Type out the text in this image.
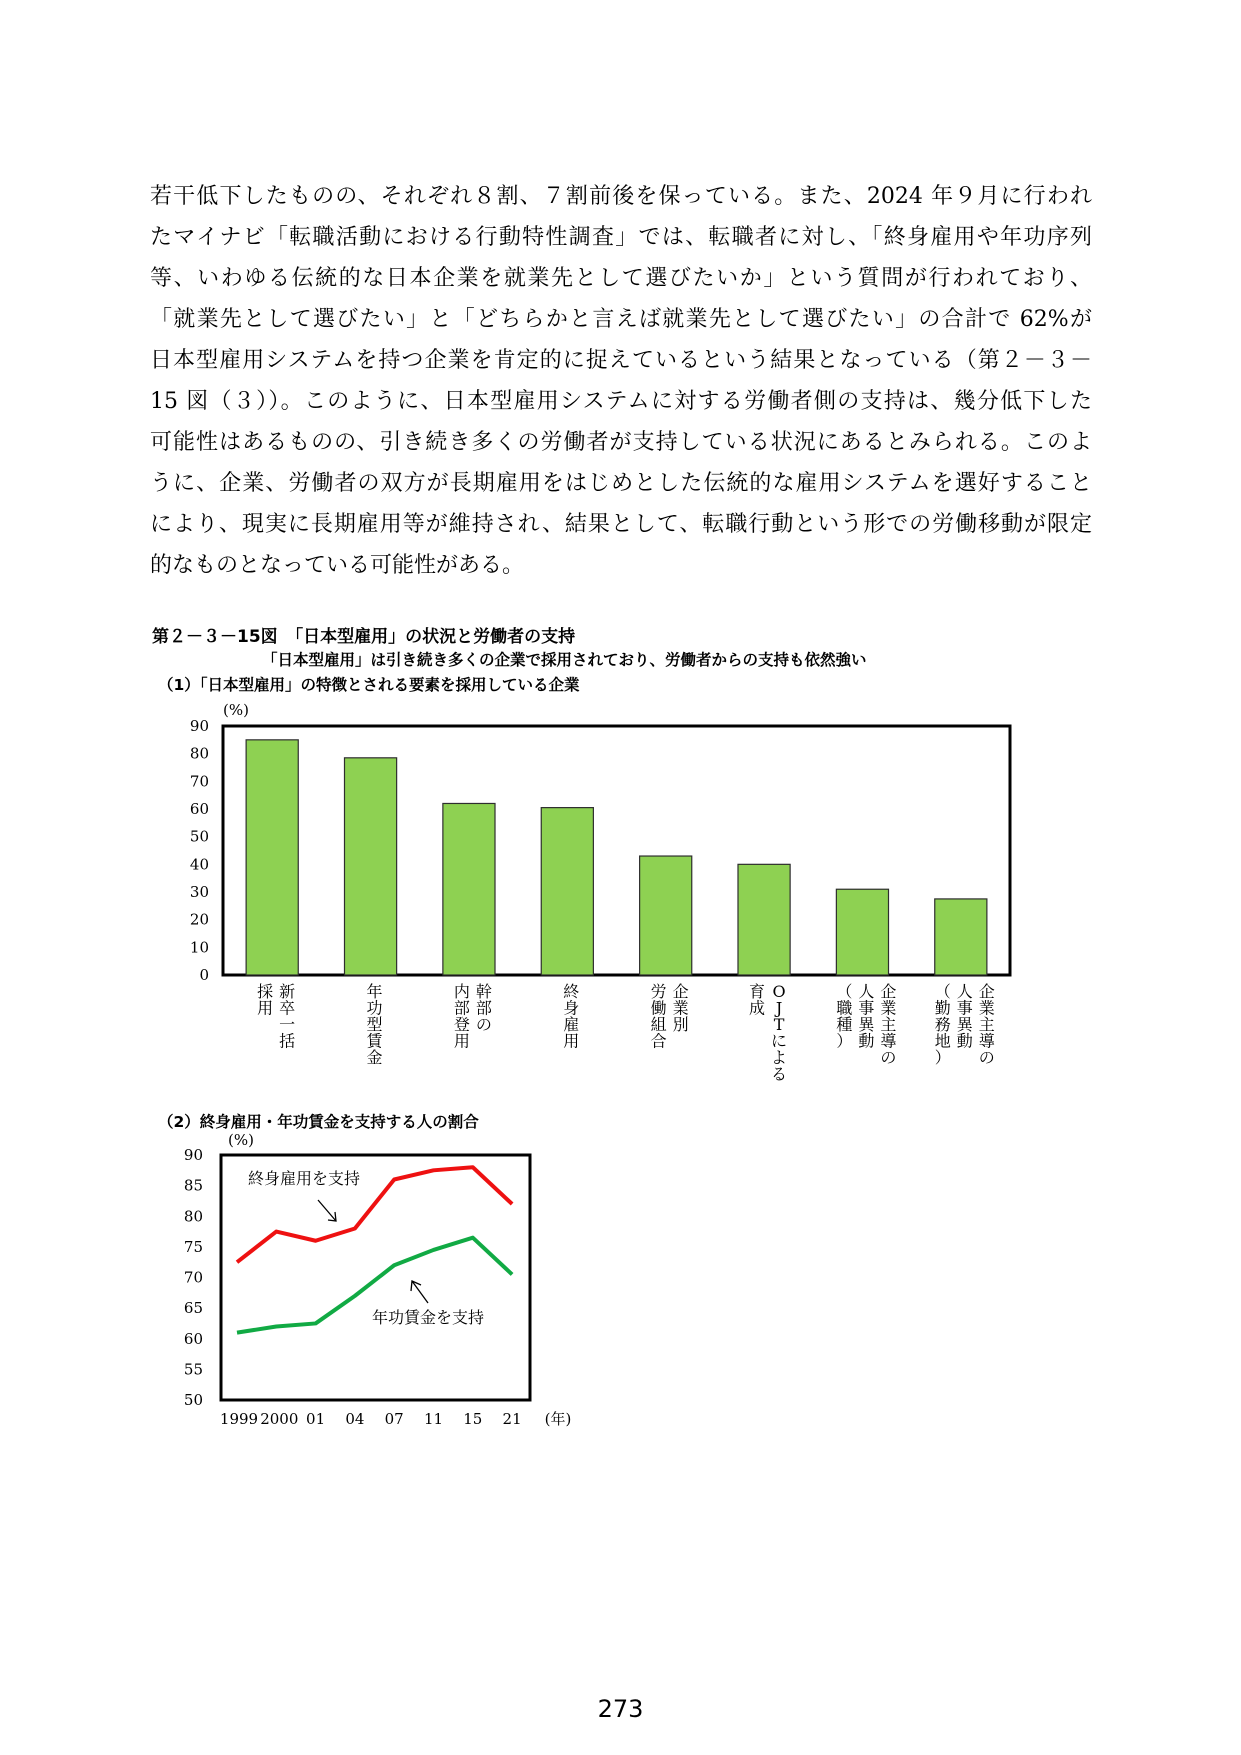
若干低下したものの、それぞれ８割、７割前後を保っている。また、2024 年９月に行われ
たマイナビ「転職活動における行動特性調査」では、転職者に対し、「終身雇用や年功序列
等、いわゆる伝統的な日本企業を就業先として選びたいか」という質問が行われており、
「就業先として選びたい」と「どちらかと言えば就業先として選びたい」の合計で 62%が
日本型雇用システムを持つ企業を肯定的に捉えているという結果となっている（第２－３－
15 図（３））。このように、日本型雇用システムに対する労働者側の支持は、幾分低下した
可能性はあるものの、引き続き多くの労働者が支持している状況にあるとみられる。このよ
うに、企業、労働者の双方が長期雇用をはじめとした伝統的な雇用システムを選好すること
により、現実に長期雇用等が維持され、結果として、転職行動という形での労働移動が限定
的なものとなっている可能性がある。
第２－３－15図　「日本型雇用」の状況と労働者の支持
「日本型雇用」は引き続き多くの企業で採用されており、労働者からの支持も依然強い
（1）「日本型雇用」の特徴とされる要素を採用している企業
（2）終身雇用・年功賃金を支持する人の割合
0
10
20
30
40
50
60
70
80
90
(%)
新卒一括
採用
年功型賃金
幹部の
内部登用
終身雇用
企業別
労働組合
O J T による
育成
企業主導の
人事異動
（職種）
企業主導の
人事異動
（勤務地）
50
55
60
65
70
75
80
85
90
(%)
1999 2000 01 04 07 11 15 21 (年)
終身雇用を支持
年功賃金を支持
273
